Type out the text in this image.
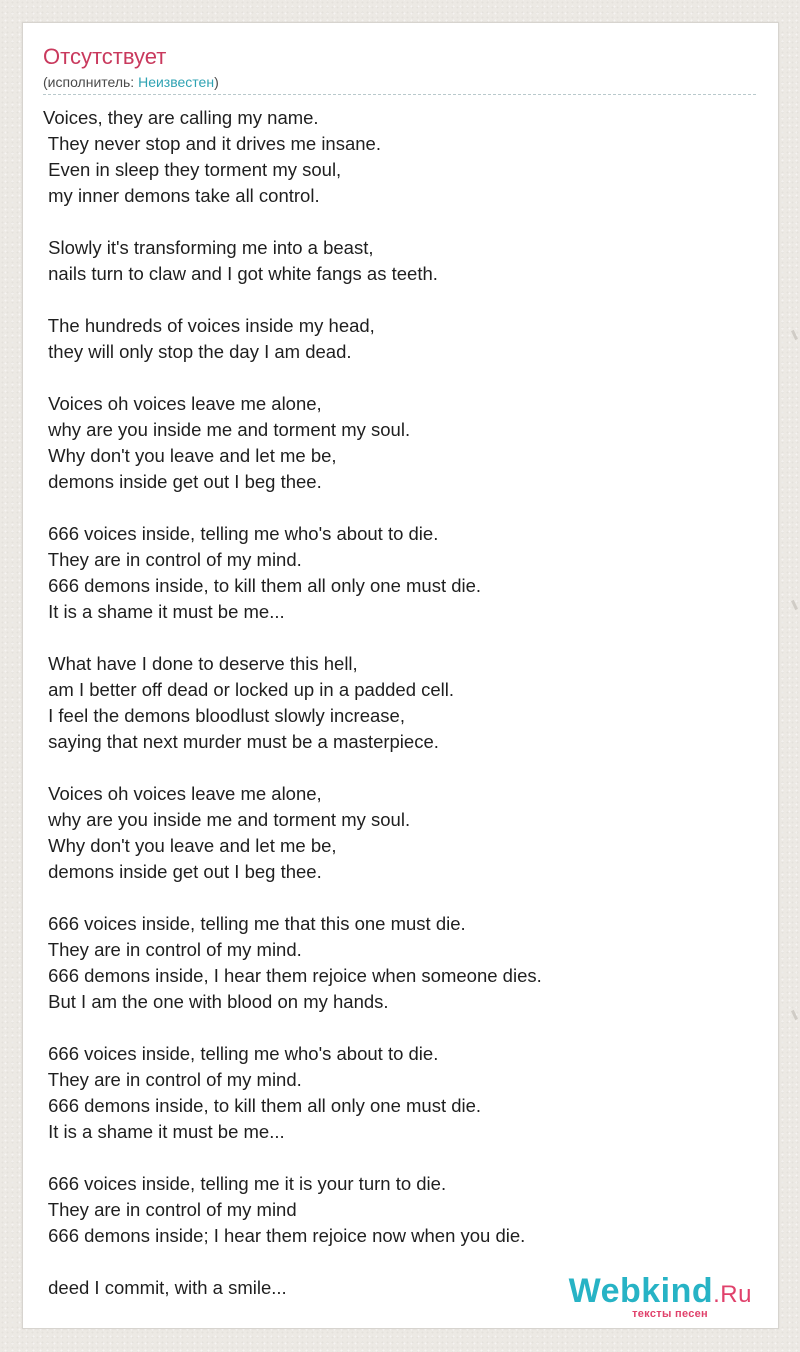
Отсутствует
(исполнитель: Неизвестен)
Voices, they are calling my name.
They never stop and it drives me insane.
Even in sleep they torment my soul,
my inner demons take all control.
Slowly it's transforming me into a beast,
nails turn to claw and I got white fangs as teeth.
The hundreds of voices inside my head,
they will only stop the day I am dead.
Voices oh voices leave me alone,
why are you inside me and torment my soul.
Why don't you leave and let me be,
demons inside get out I beg thee.
666 voices inside, telling me who's about to die.
They are in control of my mind.
666 demons inside, to kill them all only one must die.
It is a shame it must be me...
What have I done to deserve this hell,
am I better off dead or locked up in a padded cell.
I feel the demons bloodlust slowly increase,
saying that next murder must be a masterpiece.
Voices oh voices leave me alone,
why are you inside me and torment my soul.
Why don't you leave and let me be,
demons inside get out I beg thee.
666 voices inside, telling me that this one must die.
They are in control of my mind.
666 demons inside, I hear them rejoice when someone dies.
But I am the one with blood on my hands.
666 voices inside, telling me who's about to die.
They are in control of my mind.
666 demons inside, to kill them all only one must die.
It is a shame it must be me...
666 voices inside, telling me it is your turn to die.
They are in control of my mind
666 demons inside; I hear them rejoice now when you die.
deed I commit, with a smile...	Webkind.Ru
тексты песен
